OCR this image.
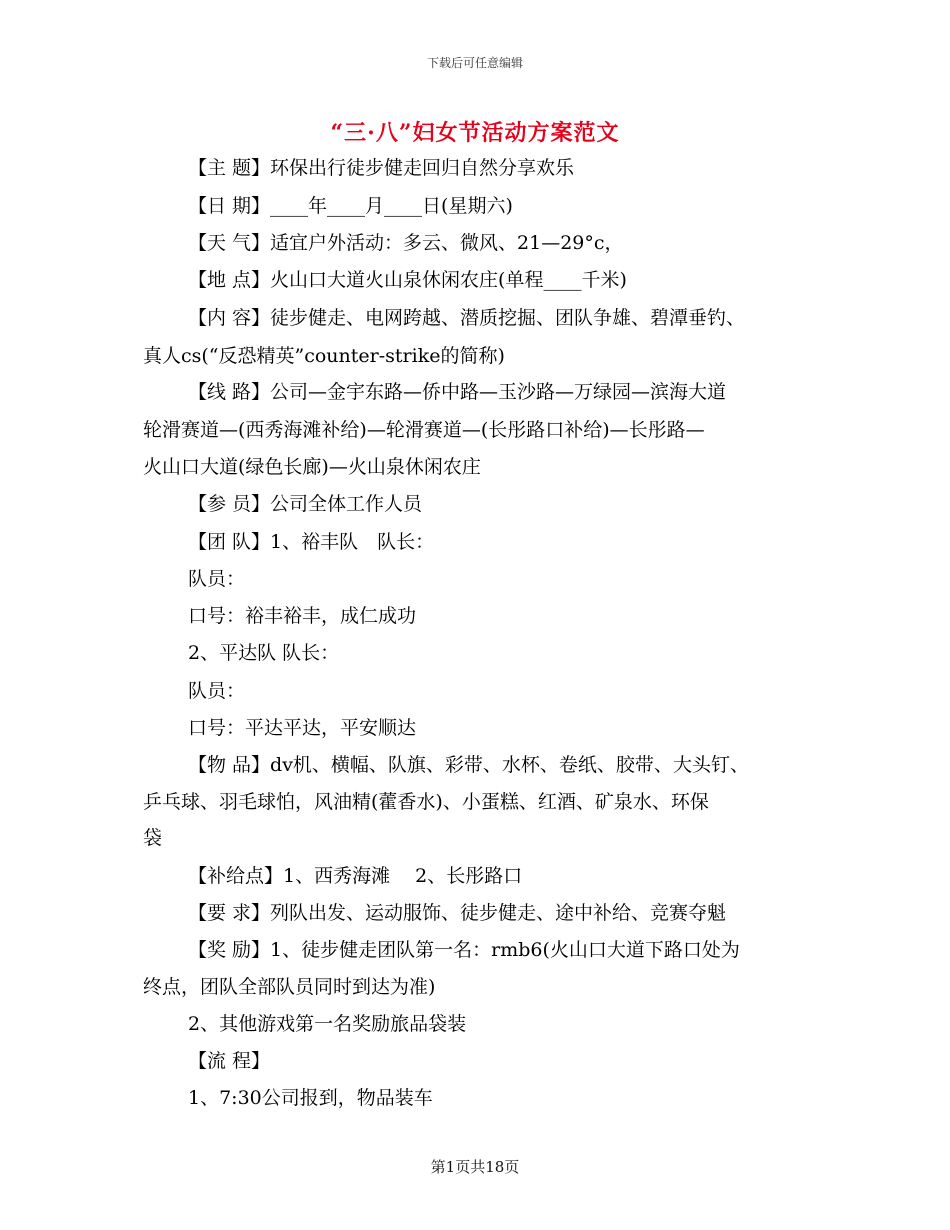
下载后可任意编辑
“三·八”妇女节活动方案范文
【主 题】环保出行徒步健走回归自然分享欢乐
【日 期】____年____月____日(星期六)
【天 气】适宜户外活动：多云、微风、21—29°c，
【地 点】火山口大道火山泉休闲农庄(单程____千米)
【内 容】徒步健走、电网跨越、潜质挖掘、团队争雄、碧潭垂钓、
真人cs(“反恐精英”counter-strike的简称)
【线 路】公司—金宇东路—侨中路—玉沙路—万绿园—滨海大道
轮滑赛道—(西秀海滩补给)—轮滑赛道—(长彤路口补给)—长彤路—
火山口大道(绿色长廊)—火山泉休闲农庄
【参 员】公司全体工作人员
【团 队】1、裕丰队　队长：
队员：
口号：裕丰裕丰，成仁成功
2、平达队 队长：
队员：
口号：平达平达，平安顺达
【物 品】dv机、横幅、队旗、彩带、水杯、卷纸、胶带、大头钉、
乒乓球、羽毛球怕，风油精(藿香水)、小蛋糕、红酒、矿泉水、环保
袋
【补给点】1、西秀海滩　 2、长彤路口
【要 求】列队出发、运动服饰、徒步健走、途中补给、竞赛夺魁
【奖 励】1、徒步健走团队第一名：rmb6(火山口大道下路口处为
终点，团队全部队员同时到达为准)
2、其他游戏第一名奖励旅品袋装
【流 程】
1、7:30公司报到，物品装车
第1页共18页
